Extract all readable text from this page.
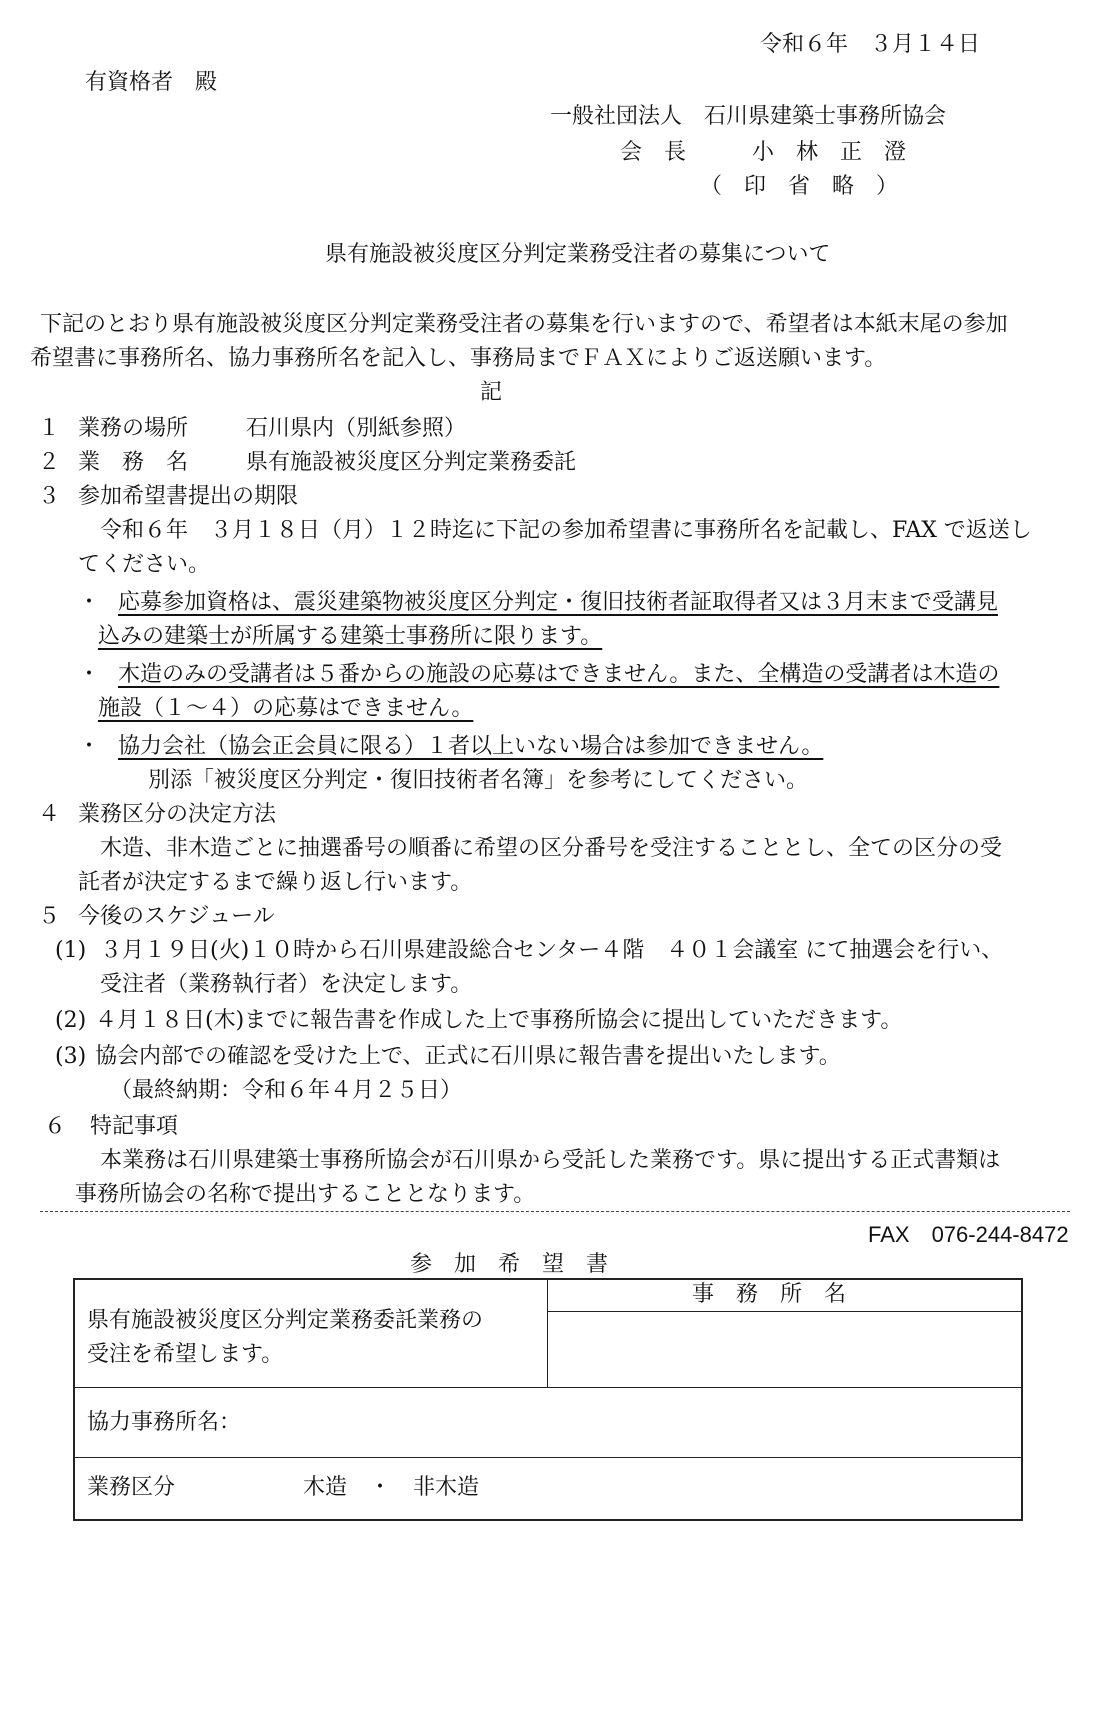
令和６年　３月１４日
有資格者　殿
一般社団法人　石川県建築士事務所協会
会　長　　　小　林　正　澄
（　印　省　略　）
県有施設被災度区分判定業務受注者の募集について
下記のとおり県有施設被災度区分判定業務受注者の募集を行いますので、希望者は本紙末尾の参加
希望書に事務所名、協力事務所名を記入し、事務局までＦＡＸによりご返送願います。
記
１ 業務の場所	石川県内（別紙参照）
２ 業　務　名	県有施設被災度区分判定業務委託
３ 参加希望書提出の期限
令和６年　３月１８日（月）１２時迄に下記の参加希望書に事務所名を記載し、FAX で返送し
てください。
・ 応募参加資格は、震災建築物被災度区分判定・復旧技術者証取得者又は３月末まで受講見
込みの建築士が所属する建築士事務所に限ります。
・ 木造のみの受講者は５番からの施設の応募はできません。また、全構造の受講者は木造の
施設（１～４）の応募はできません。
・ 協力会社（協会正会員に限る）１者以上いない場合は参加できません。
別添「被災度区分判定・復旧技術者名簿」を参考にしてください。
４ 業務区分の決定方法
木造、非木造ごとに抽選番号の順番に希望の区分番号を受注することとし、全ての区分の受
託者が決定するまで繰り返し行います。
５ 今後のスケジュール
(1) ３月１９日(火)１０時から石川県建設総合センター４階　４０１会議室 にて抽選会を行い、
受注者（業務執行者）を決定します。
(2) ４月１８日(木)までに報告書を作成した上で事務所協会に提出していただきます。
(3) 協会内部での確認を受けた上で、正式に石川県に報告書を提出いたします。
（最終納期：令和６年４月２５日）
６ 特記事項
本業務は石川県建築士事務所協会が石川県から受託した業務です。県に提出する正式書類は
事務所協会の名称で提出することとなります。
FAX　076-244-8472
参　加　希　望　書
県有施設被災度区分判定業務委託業務の
受注を希望します。
事　務　所　名
協力事務所名：
業務区分	木造　・　非木造
